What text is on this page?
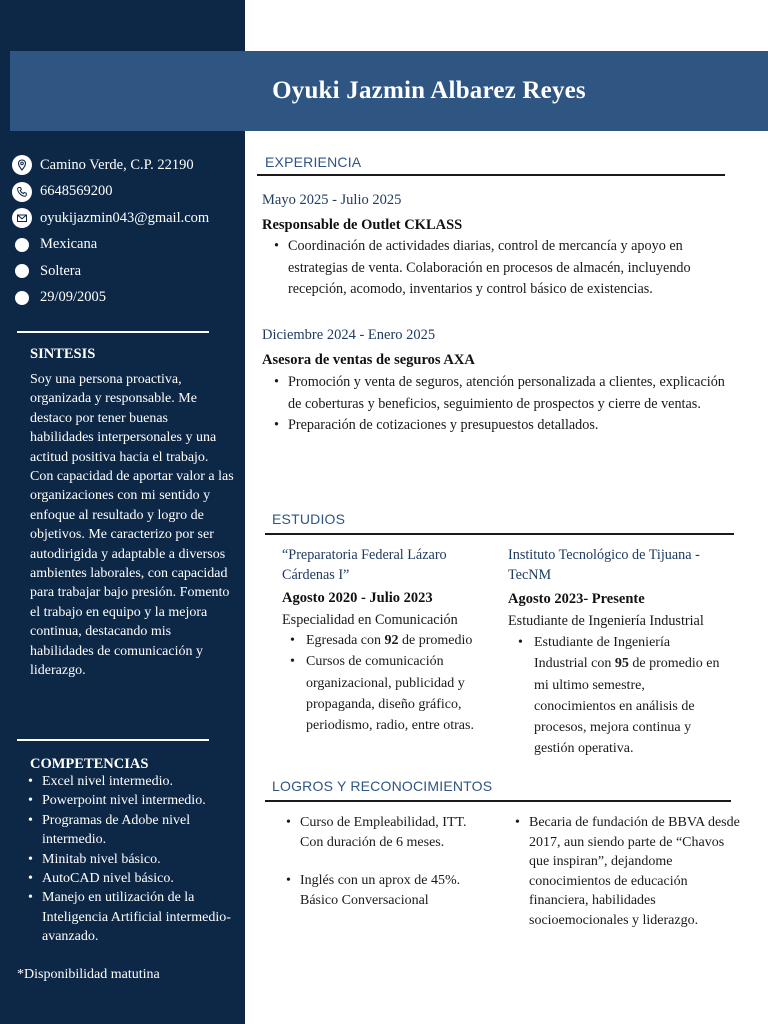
Oyuki Jazmin Albarez Reyes
Camino Verde, C.P. 22190
6648569200
oyukijazmin043@gmail.com
Mexicana
Soltera
29/09/2005
SINTESIS
Soy una persona proactiva, organizada y responsable. Me destaco por tener buenas habilidades interpersonales y una actitud positiva hacia el trabajo. Con capacidad de aportar valor a las organizaciones con mi sentido y enfoque al resultado y logro de objetivos. Me caracterizo por ser autodirigida y adaptable a diversos ambientes laborales, con capacidad para trabajar bajo presión. Fomento el trabajo en equipo y la mejora continua, destacando mis habilidades de comunicación y liderazgo.
COMPETENCIAS
• Excel nivel intermedio.
• Powerpoint nivel intermedio.
• Programas de Adobe nivel intermedio.
• Minitab nivel básico.
• AutoCAD nivel básico.
• Manejo en utilización de la Inteligencia Artificial intermedio-avanzado.
*Disponibilidad matutina
EXPERIENCIA
Mayo 2025 - Julio 2025
Responsable de Outlet CKLASS
• Coordinación de actividades diarias, control de mercancía y apoyo en estrategias de venta. Colaboración en procesos de almacén, incluyendo recepción, acomodo, inventarios y control básico de existencias.
Diciembre 2024 - Enero 2025
Asesora de ventas de seguros AXA
• Promoción y venta de seguros, atención personalizada a clientes, explicación de coberturas y beneficios, seguimiento de prospectos y cierre de ventas.
• Preparación de cotizaciones y presupuestos detallados.
ESTUDIOS
“Preparatoria Federal Lázaro Cárdenas I”
Agosto 2020 - Julio 2023
Especialidad en Comunicación
• Egresada con 92 de promedio
• Cursos de comunicación organizacional, publicidad y propaganda, diseño gráfico, periodismo, radio, entre otras.
Instituto Tecnológico de Tijuana - TecNM
Agosto 2023- Presente
Estudiante de Ingeniería Industrial
• Estudiante de Ingeniería Industrial con 95 de promedio en mi ultimo semestre, conocimientos en análisis de procesos, mejora continua y gestión operativa.
LOGROS Y RECONOCIMIENTOS
• Curso de Empleabilidad, ITT. Con duración de 6 meses.
• Inglés con un aprox de 45%. Básico Conversacional
• Becaria de fundación de BBVA desde 2017, aun siendo parte de “Chavos que inspiran”, dejandome conocimientos de educación financiera, habilidades socioemocionales y liderazgo.
